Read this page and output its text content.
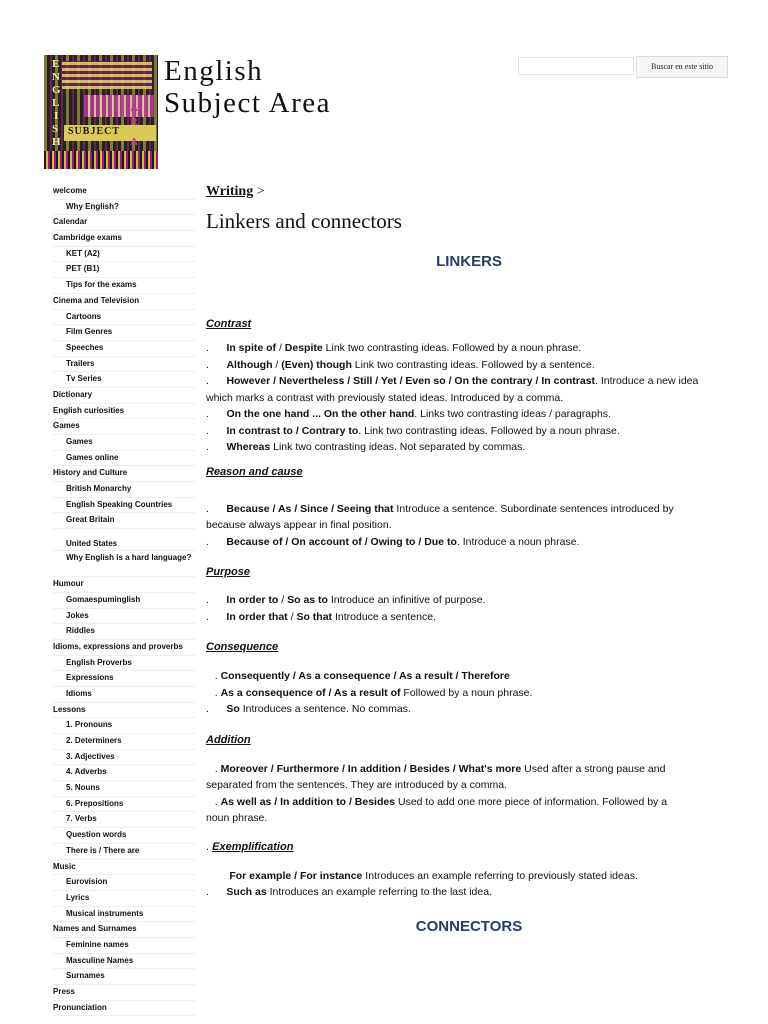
E
N
G
L
I
S
H
A
R
A
SUBJECT
English
Subject Area
Buscar en este sitio
welcome
Why English?
Calendar
Cambridge exams
KET (A2)
PET (B1)
Tips for the exams
Cinema and Television
Cartoons
Film Genres
Speeches
Trailers
Tv Series
Dictionary
English curiosities
Games
Games
Games online
History and Culture
British Monarchy
English Speaking Countries
Great Britain
United States
Why English is a hard language?
Humour
Gomaespuminglish
Jokes
Riddles
Idioms, expressions and proverbs
English Proverbs
Expressions
Idioms
Lessons
1. Pronouns
2. Determiners
3. Adjectives
4. Adverbs
5. Nouns
6. Prepositions
7. Verbs
Question words
There is / There are
Music
Eurovision
Lyrics
Musical instruments
Names and Surnames
Feminine names
Masculine Names
Surnames
Press
Pronunciation
Writing >
Linkers and connectors
LINKERS
Contrast
. In spite of / Despite Link two contrasting ideas. Followed by a noun phrase.
. Although / (Even) though Link two contrasting ideas. Followed by a sentence.
. However / Nevertheless / Still / Yet / Even so / On the contrary / In contrast. Introduce a new idea
which marks a contrast with previously stated ideas. Introduced by a comma.
. On the one hand ... On the other hand. Links two contrasting ideas / paragraphs.
. In contrast to / Contrary to. Link two contrasting ideas. Followed by a noun phrase.
. Whereas Link two contrasting ideas. Not separated by commas.
Reason and cause
.      Because / As / Since / Seeing that Introduce a sentence. Subordinate sentences introduced by
because always appear in final position.
.      Because of / On account of / Owing to / Due to. Introduce a noun phrase.
Purpose
.      In order to / So as to Introduce an infinitive of purpose.
.      In order that / So that Introduce a sentence.
Consequence
. Consequently / As a consequence / As a result / Therefore
. As a consequence of / As a result of Followed by a noun phrase.
.      So Introduces a sentence. No commas.
Addition
. Moreover / Furthermore / In addition / Besides / What's more Used after a strong pause and
separated from the sentences. They are introduced by a comma.
. As well as / In addition to / Besides Used to add one more piece of information. Followed by a
noun phrase.
. Exemplification
For example / For instance Introduces an example referring to previously stated ideas.
.      Such as Introduces an example referring to the last idea.
CONNECTORS
